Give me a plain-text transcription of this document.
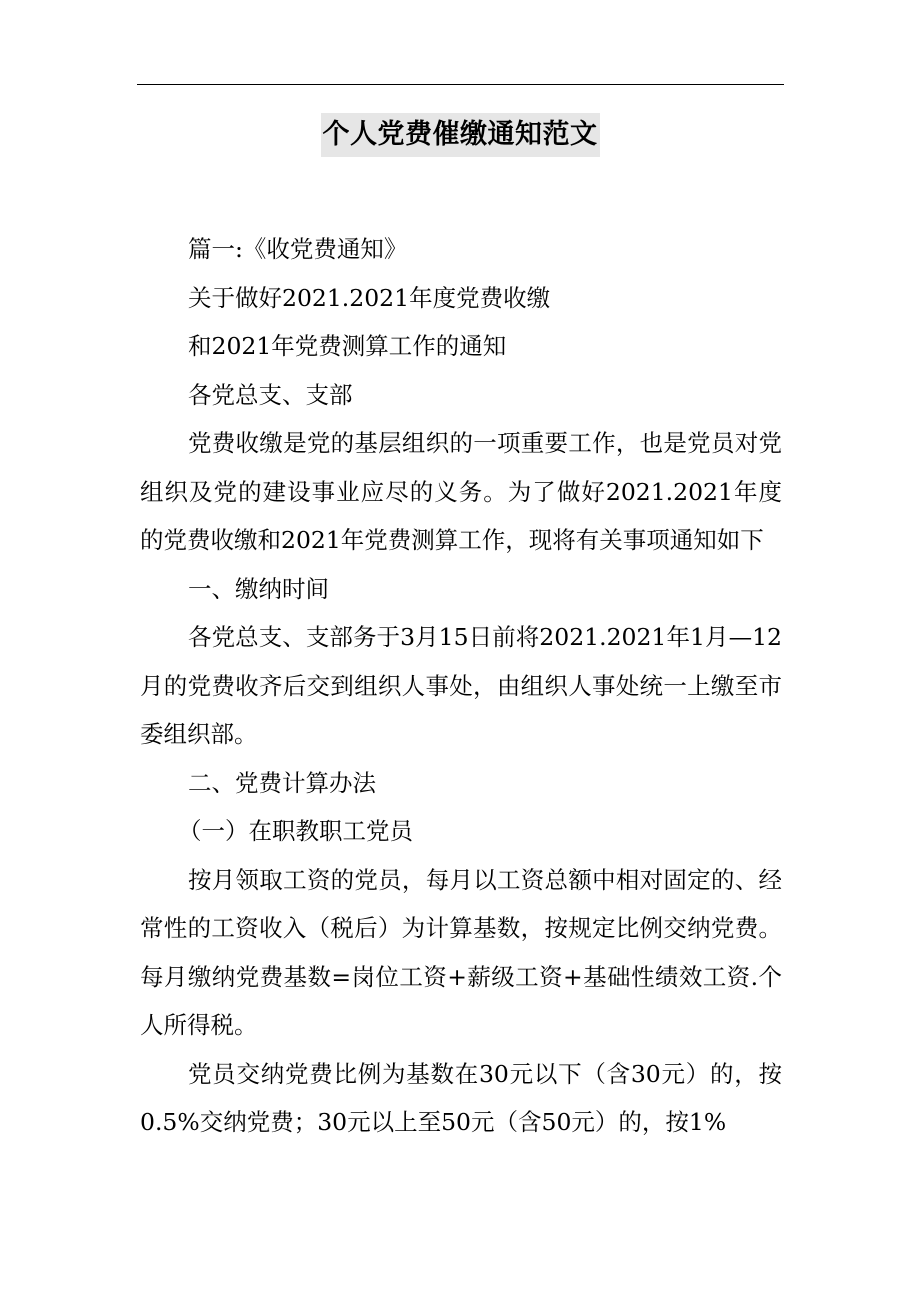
个人党费催缴通知范文

篇一:《收党费通知》

关于做好2021.2021年度党费收缴

和2021年党费测算工作的通知

各党总支、支部

党费收缴是党的基层组织的一项重要工作，也是党员对党组织及党的建设事业应尽的义务。为了做好2021.2021年度的党费收缴和2021年党费测算工作，现将有关事项通知如下

一、缴纳时间

各党总支、支部务于3月15日前将2021.2021年1月—12月的党费收齐后交到组织人事处，由组织人事处统一上缴至市委组织部。

二、党费计算办法

（一）在职教职工党员

按月领取工资的党员，每月以工资总额中相对固定的、经常性的工资收入（税后）为计算基数，按规定比例交纳党费。每月缴纳党费基数=岗位工资+薪级工资+基础性绩效工资.个人所得税。

党员交纳党费比例为基数在30元以下（含30元）的，按0.5%交纳党费；30元以上至50元（含50元）的，按1%
